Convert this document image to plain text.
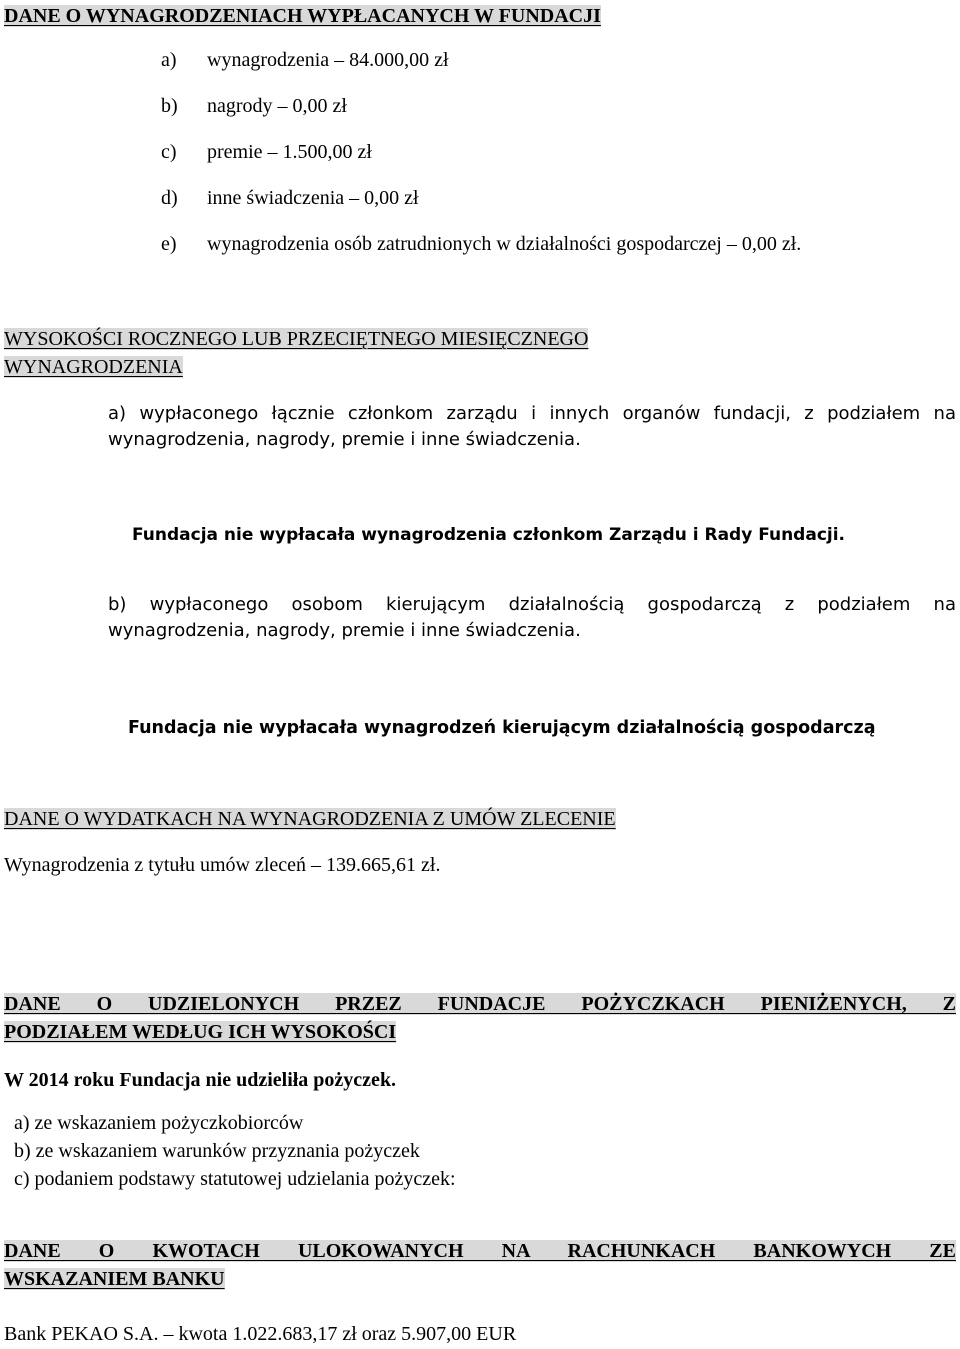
DANE O WYNAGRODZENIACH WYPŁACANYCH W FUNDACJI
a)	wynagrodzenia – 84.000,00 zł
b)	nagrody – 0,00 zł
c)	premie – 1.500,00 zł
d)	inne świadczenia – 0,00 zł
e)	wynagrodzenia osób zatrudnionych w działalności gospodarczej – 0,00 zł.
WYSOKOŚCI ROCZNEGO LUB PRZECIĘTNEGO MIESIĘCZNEGO
WYNAGRODZENIA
a) wypłaconego łącznie członkom zarządu i innych organów fundacji, z podziałem na
wynagrodzenia, nagrody, premie i inne świadczenia.
Fundacja nie wypłacała wynagrodzenia członkom Zarządu i Rady Fundacji.
b) wypłaconego osobom kierującym działalnością gospodarczą z podziałem na
wynagrodzenia, nagrody, premie i inne świadczenia.
Fundacja nie wypłacała wynagrodzeń kierującym działalnością gospodarczą
DANE O WYDATKACH NA WYNAGRODZENIA Z UMÓW ZLECENIE
Wynagrodzenia z tytułu umów zleceń – 139.665,61 zł.
DANE O UDZIELONYCH PRZEZ FUNDACJE POŻYCZKACH PIENIŻENYCH, Z
PODZIAŁEM WEDŁUG ICH WYSOKOŚCI
W 2014 roku Fundacja nie udzieliła pożyczek.
a) ze wskazaniem pożyczkobiorców
b) ze wskazaniem warunków przyznania pożyczek
c) podaniem podstawy statutowej udzielania pożyczek:
DANE O KWOTACH ULOKOWANYCH NA RACHUNKACH BANKOWYCH ZE
WSKAZANIEM BANKU
Bank PEKAO S.A. – kwota 1.022.683,17 zł oraz 5.907,00 EUR
